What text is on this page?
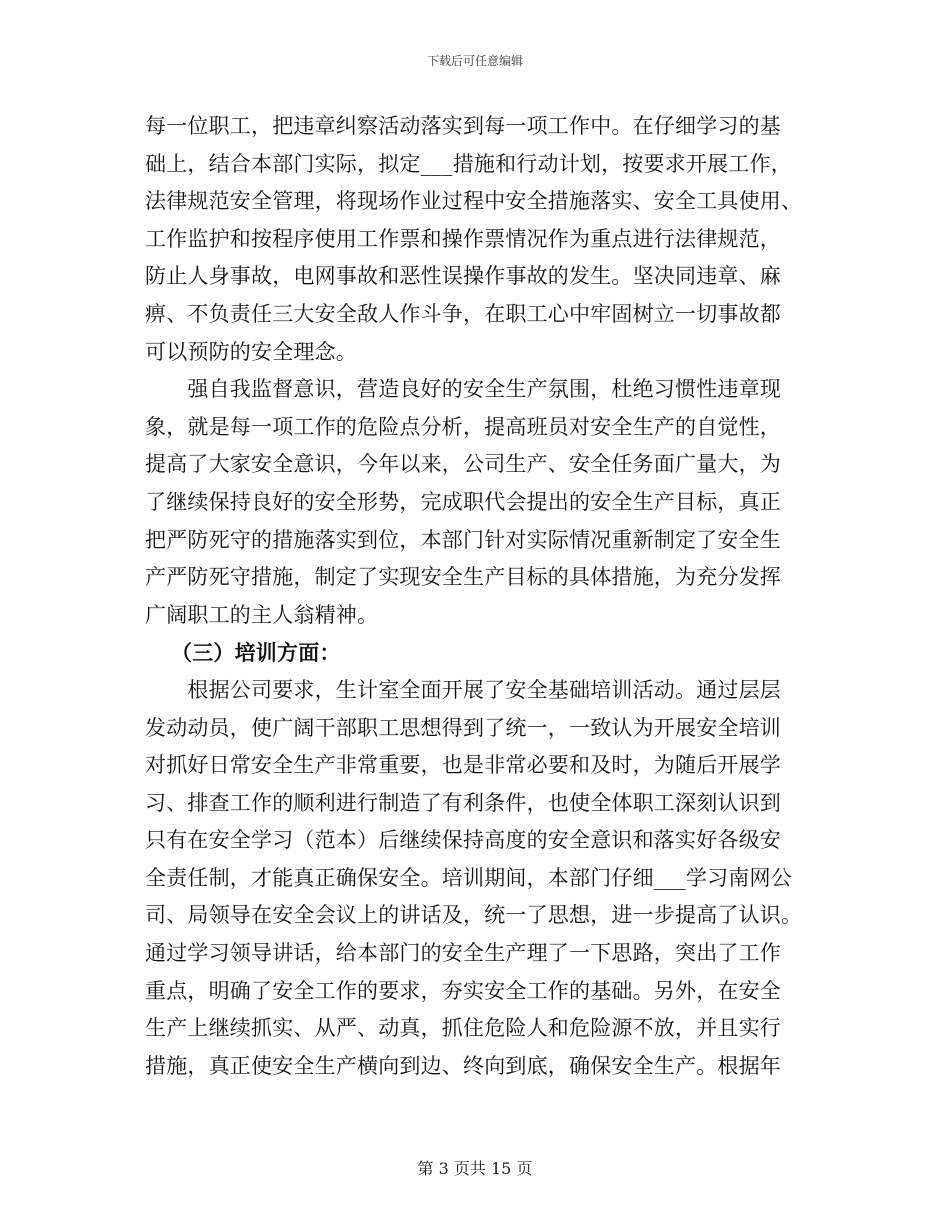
下载后可任意编辑
每一位职工，把违章纠察活动落实到每一项工作中。在仔细学习的基
础上，结合本部门实际，拟定___措施和行动计划，按要求开展工作，
法律规范安全管理，将现场作业过程中安全措施落实、安全工具使用、
工作监护和按程序使用工作票和操作票情况作为重点进行法律规范，
防止人身事故，电网事故和恶性误操作事故的发生。坚决同违章、麻
痹、不负责任三大安全敌人作斗争，在职工心中牢固树立一切事故都
可以预防的安全理念。
　　强自我监督意识，营造良好的安全生产氛围，杜绝习惯性违章现
象，就是每一项工作的危险点分析，提高班员对安全生产的自觉性，
提高了大家安全意识，今年以来，公司生产、安全任务面广量大，为
了继续保持良好的安全形势，完成职代会提出的安全生产目标，真正
把严防死守的措施落实到位，本部门针对实际情况重新制定了安全生
产严防死守措施，制定了实现安全生产目标的具体措施，为充分发挥
广阔职工的主人翁精神。
（三）培训方面：
　　根据公司要求，生计室全面开展了安全基础培训活动。通过层层
发动动员，使广阔干部职工思想得到了统一，一致认为开展安全培训
对抓好日常安全生产非常重要，也是非常必要和及时，为随后开展学
习、排查工作的顺利进行制造了有利条件，也使全体职工深刻认识到
只有在安全学习（范本）后继续保持高度的安全意识和落实好各级安
全责任制，才能真正确保安全。培训期间，本部门仔细___学习南网公
司、局领导在安全会议上的讲话及，统一了思想，进一步提高了认识。
通过学习领导讲话，给本部门的安全生产理了一下思路，突出了工作
重点，明确了安全工作的要求，夯实安全工作的基础。另外，在安全
生产上继续抓实、从严、动真，抓住危险人和危险源不放，并且实行
措施，真正使安全生产横向到边、终向到底，确保安全生产。根据年
第 3 页共 15 页
